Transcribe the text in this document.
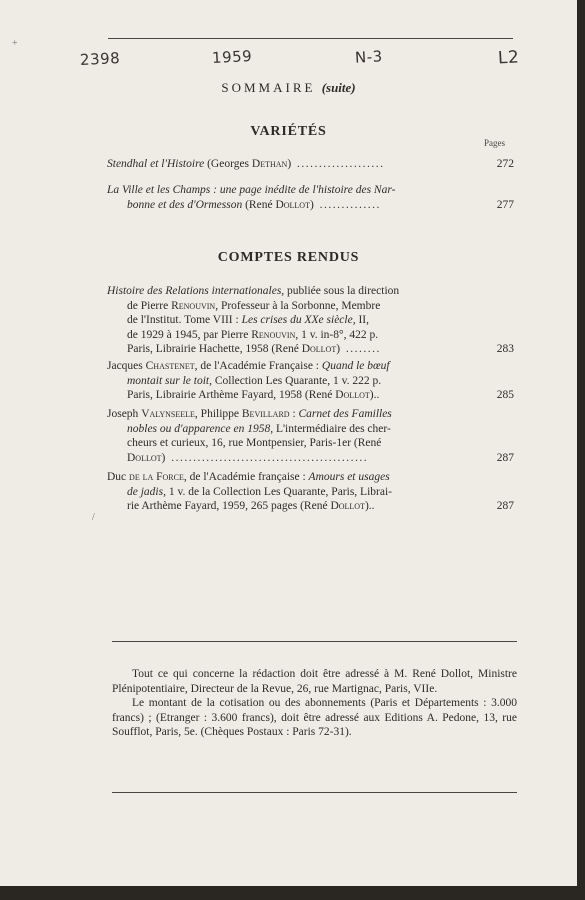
+
2398	1959	N-3	L2
SOMMAIRE (suite)
VARIÉTÉS
Pages
Stendhal et l'Histoire (Georges Dethan) ....................	272
La Ville et les Champs : une page inédite de l'histoire des Nar-
bonne et des d'Ormesson (René Dollot) ..............	277
COMPTES RENDUS
Histoire des Relations internationales, publiée sous la direction
de Pierre Renouvin, Professeur à la Sorbonne, Membre
de l'Institut. Tome VIII : Les crises du XXe siècle, II,
de 1929 à 1945, par Pierre Renouvin, 1 v. in-8°, 422 p.
Paris, Librairie Hachette, 1958 (René Dollot) ........	283
Jacques Chastenet, de l'Académie Française : Quand le bœuf
montait sur le toit, Collection Les Quarante, 1 v. 222 p.
Paris, Librairie Arthème Fayard, 1958 (René Dollot)..	285
Joseph Valynseele, Philippe Bevillard : Carnet des Familles
nobles ou d'apparence en 1958, L'intermédiaire des cher-
cheurs et curieux, 16, rue Montpensier, Paris-1er (René
Dollot) .............................................	287
Duc de la Force, de l'Académie française : Amours et usages
de jadis, 1 v. de la Collection Les Quarante, Paris, Librai-
rie Arthème Fayard, 1959, 265 pages (René Dollot)..	287

Tout ce qui concerne la rédaction doit être adressé à M. René Dollot, Ministre Plénipotentiaire, Directeur de la Revue, 26, rue Martignac, Paris, VIIe.

Le montant de la cotisation ou des abonnements (Paris et Départements : 3.000 francs) ; (Etranger : 3.600 francs), doit être adressé aux Editions A. Pedone, 13, rue Soufflot, Paris, 5e. (Chèques Postaux : Paris 72-31).

/
